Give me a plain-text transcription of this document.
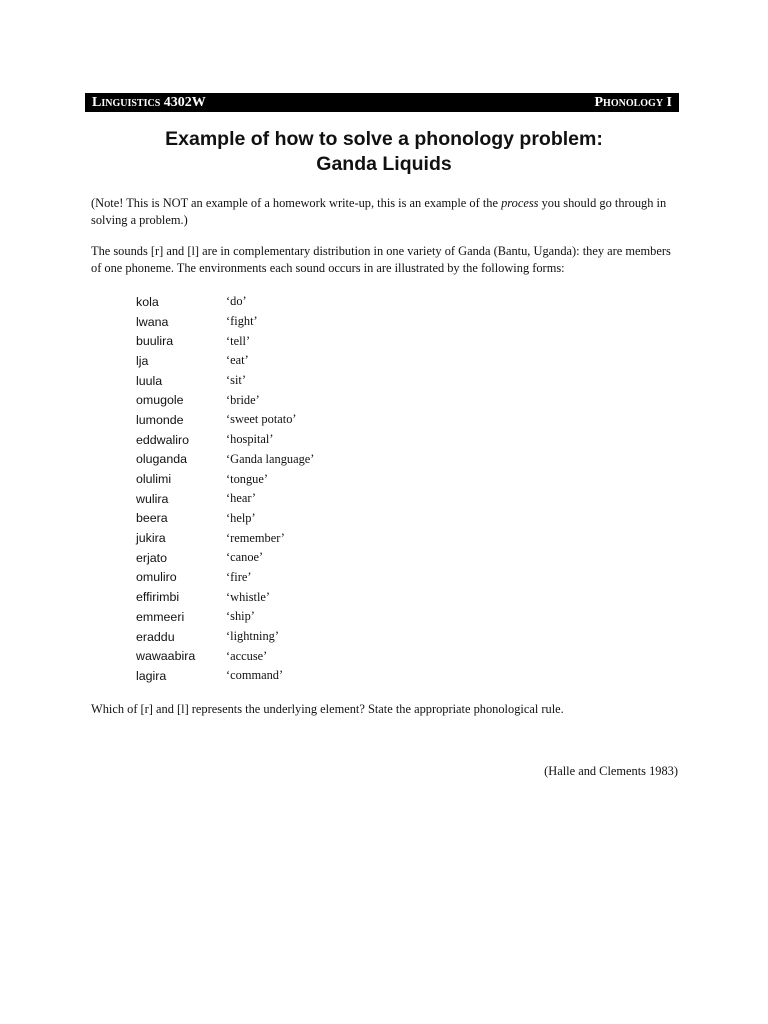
Linguistics 4302W	Phonology I
Example of how to solve a phonology problem:
Ganda Liquids
(Note! This is NOT an example of a homework write-up, this is an example of the process you should go through in solving a problem.)
The sounds [r] and [l] are in complementary distribution in one variety of Ganda (Bantu, Uganda): they are members of one phoneme. The environments each sound occurs in are illustrated by the following forms:
kola	‘do’
lwana	‘fight’
buulira	‘tell’
lja	‘eat’
luula	‘sit’
omugole	‘bride’
lumonde	‘sweet potato’
eddwaliro	‘hospital’
oluganda	‘Ganda language’
olulimi	‘tongue’
wulira	‘hear’
beera	‘help’
jukira	‘remember’
erjato	‘canoe’
omuliro	‘fire’
effirimbi	‘whistle’
emmeeri	‘ship’
eraddu	‘lightning’
wawaabira	‘accuse’
lagira	‘command’
Which of [r] and [l] represents the underlying element? State the appropriate phonological rule.
(Halle and Clements 1983)
